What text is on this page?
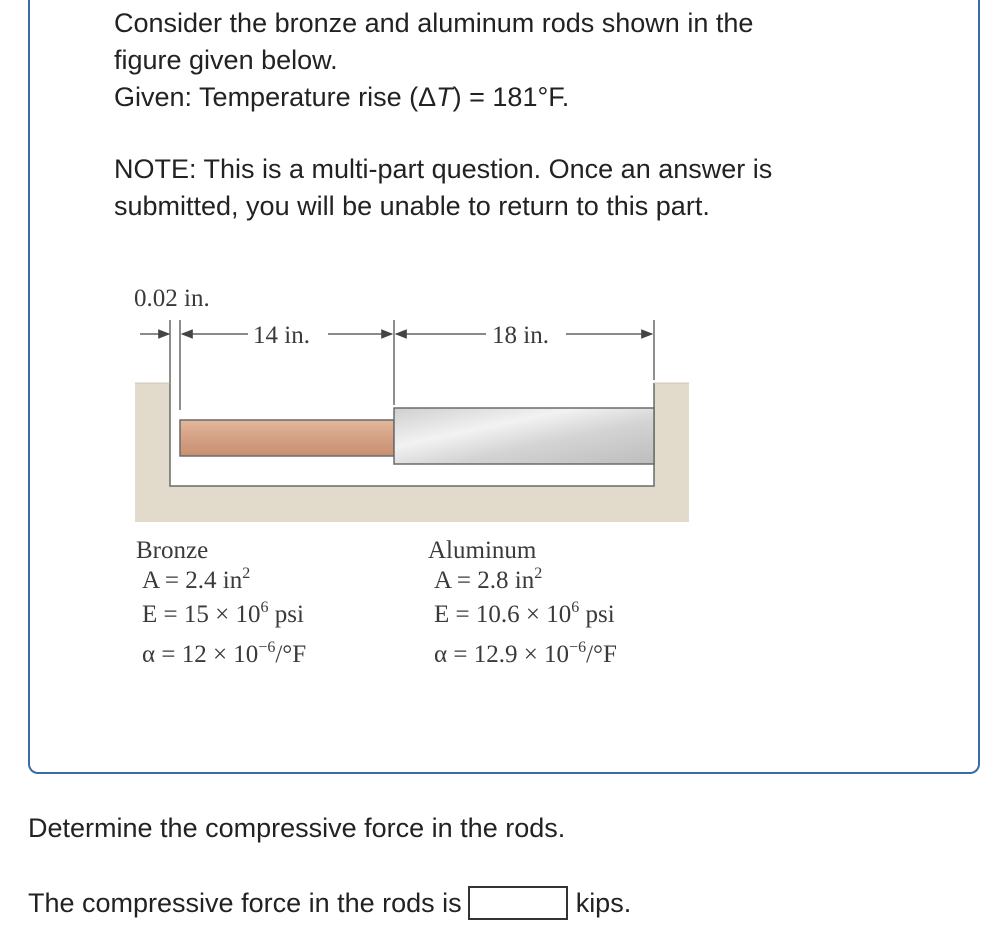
Consider the bronze and aluminum rods shown in the
figure given below.
Given: Temperature rise (ΔT) = 181°F.

NOTE: This is a multi-part question. Once an answer is
submitted, you will be unable to return to this part.

0.02 in.
14 in.	18 in.
Bronze
A = 2.4 $in^2$
$E = 15 \times 10^6$ psi
$\alpha = 12 \times 10^{-6}/^\circ F$
Aluminum
A = 2.8 $in^2$
$E = 10.6 \times 10^6$ psi
$\alpha = 12.9 \times 10^{-6}/^\circ F$

Determine the compressive force in the rods.

The compressive force in the rods is	kips.
